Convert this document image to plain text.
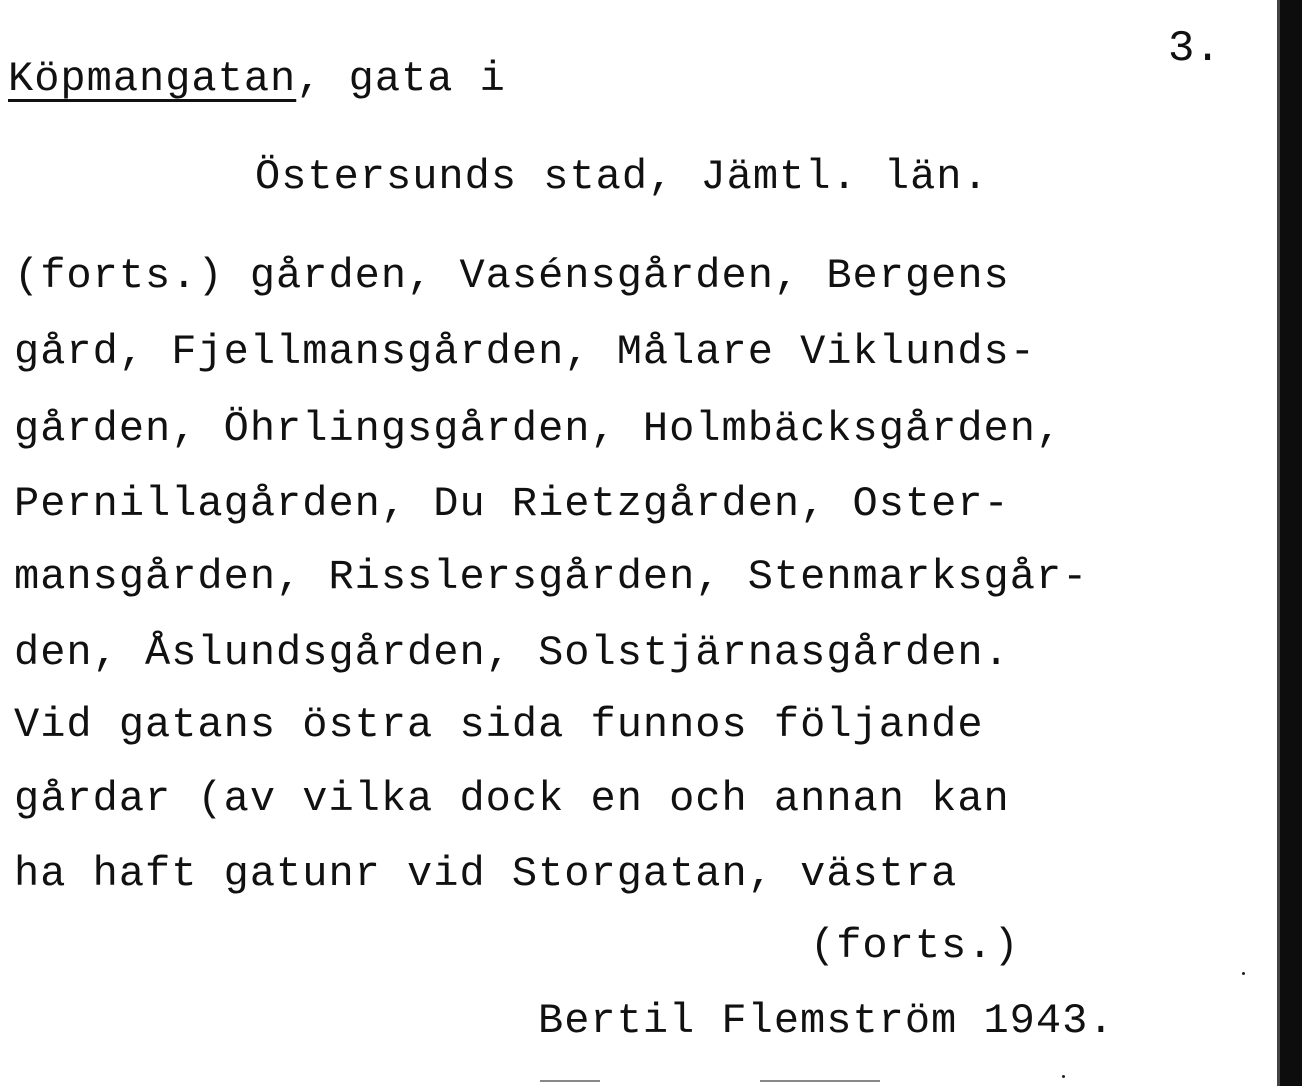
3.
Köpmangatan, gata i
Östersunds stad, Jämtl. län.
(forts.) gården, Vasénsgården, Bergens
gård, Fjellmansgården, Målare Viklunds-
gården, Öhrlingsgården, Holmbäcksgården,
Pernillagården, Du Rietzgården, Oster-
mansgården, Risslersgården, Stenmarksgår-
den, Åslundsgården, Solstjärnasgården.
Vid gatans östra sida funnos följande
gårdar (av vilka dock en och annan kan
ha haft gatunr vid Storgatan, västra
(forts.)
Bertil Flemström 1943.
